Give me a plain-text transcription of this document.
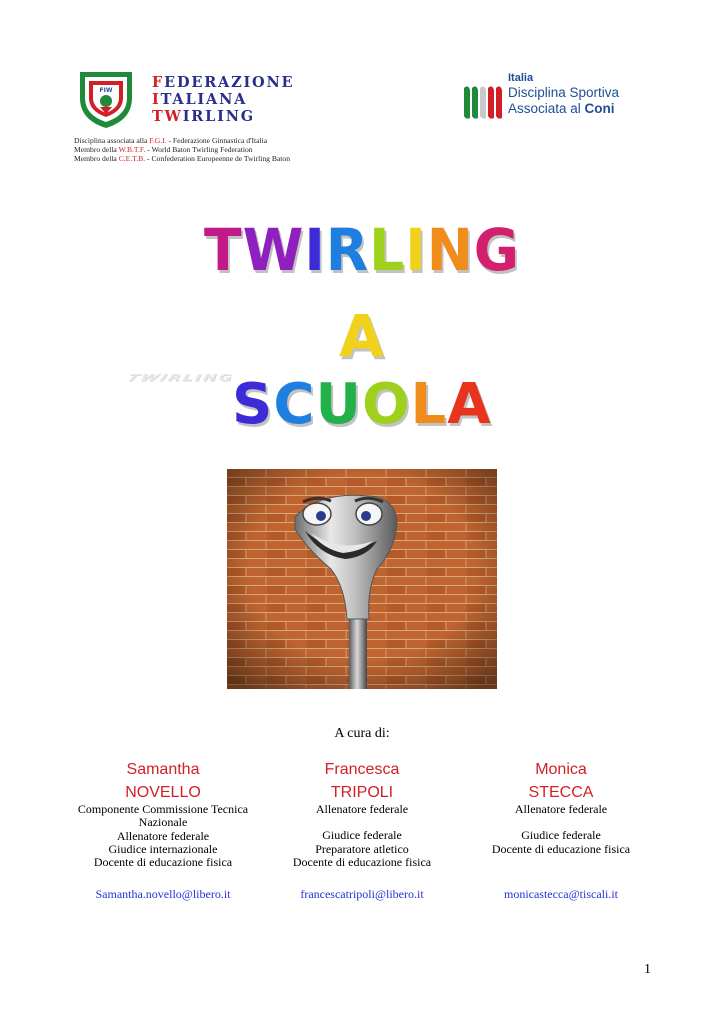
FIW	FEDERAZIONE
ITALIANA
TWIRLING
Disciplina associata alla F.G.I. - Federazione Ginnastica d'Italia
Membro della W.B.T.F. - World Baton Twirling Federation
Membro della C.E.T.B. - Confederation Europeenne de Twirling Baton
Italia
Disciplina Sportiva
Associata al Coni
TWIRLING
A
TWIRLING
SCUOLA
A cura di:
Samantha
NOVELLO
Componente Commissione Tecnica
Nazionale
Allenatore federale
Giudice internazionale
Docente di educazione fisica
Francesca
TRIPOLI
Allenatore federale
Giudice federale
Preparatore atletico
Docente di educazione fisica
Monica
STECCA
Allenatore federale
Giudice federale
Docente di educazione fisica
Samantha.novello@libero.it	francescatripoli@libero.it	monicastecca@tiscali.it
1
